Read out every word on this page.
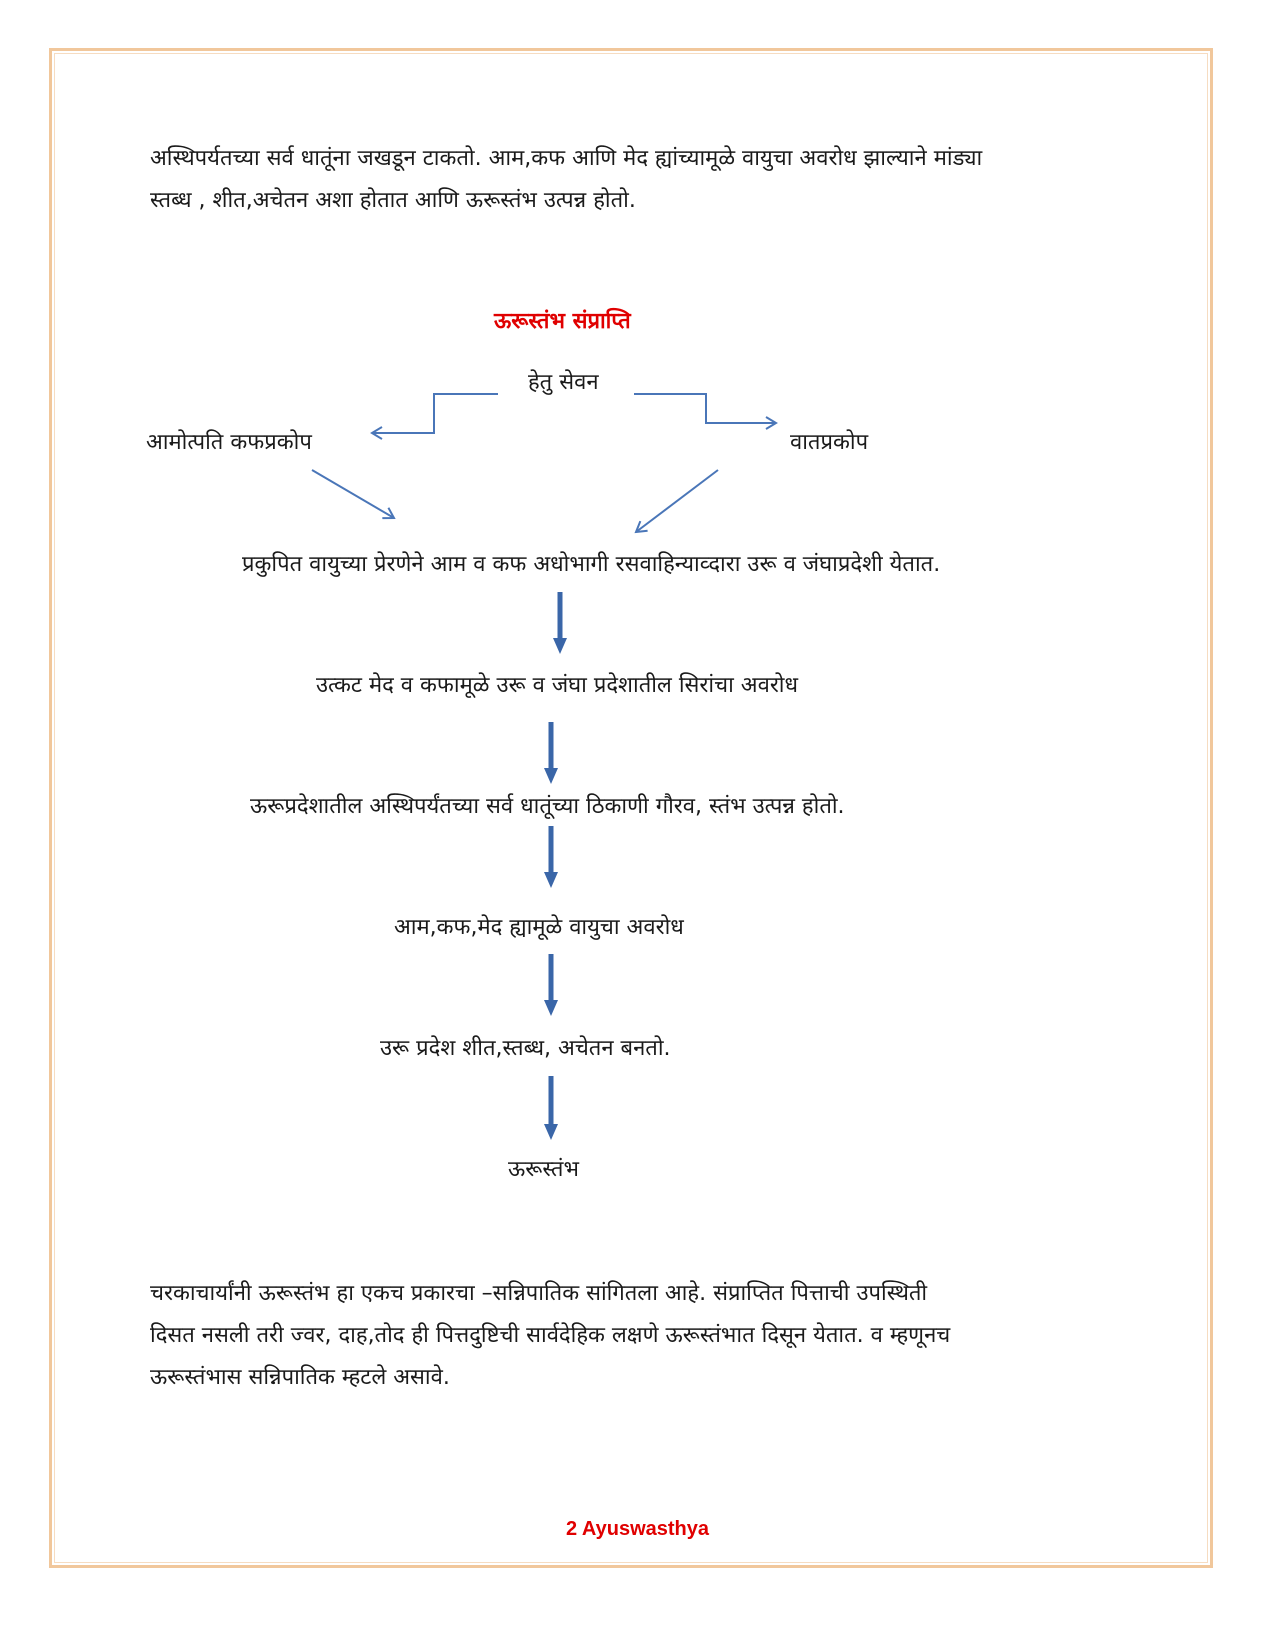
अस्थिपर्यतच्या सर्व धातूंना जखडून टाकतो. आम,कफ आणि मेद ह्यांच्यामूळे वायुचा अवरोध झाल्याने मांड्या

स्तब्ध , शीत,अचेतन अशा होतात आणि ऊरूस्तंभ उत्पन्न होतो.

ऊरूस्तंभ संप्राप्ति
हेतु सेवन
आमोत्पति कफप्रकोप	वातप्रकोप
प्रकुपित वायुच्या प्रेरणेने आम व कफ अधोभागी रसवाहिन्याव्दारा उरू व जंघाप्रदेशी येतात.
उत्कट मेद व कफामूळे उरू व जंघा प्रदेशातील सिरांचा अवरोध
ऊरूप्रदेशातील अस्थिपर्यंतच्या सर्व धातूंच्या ठिकाणी गौरव, स्तंभ उत्पन्न होतो.
आम,कफ,मेद ह्यामूळे वायुचा अवरोध
उरू प्रदेश शीत,स्तब्ध, अचेतन बनतो.
ऊरूस्तंभ

चरकाचार्यांनी ऊरूस्तंभ हा एकच प्रकारचा –सन्निपातिक सांगितला आहे. संप्राप्तित पित्ताची उपस्थिती

दिसत नसली तरी ज्वर, दाह,तोद ही पित्तदुष्टिची सार्वदेहिक लक्षणे ऊरूस्तंभात दिसून येतात. व म्हणूनच

ऊरूस्तंभास सन्निपातिक म्हटले असावे.

2 Ayuswasthya
